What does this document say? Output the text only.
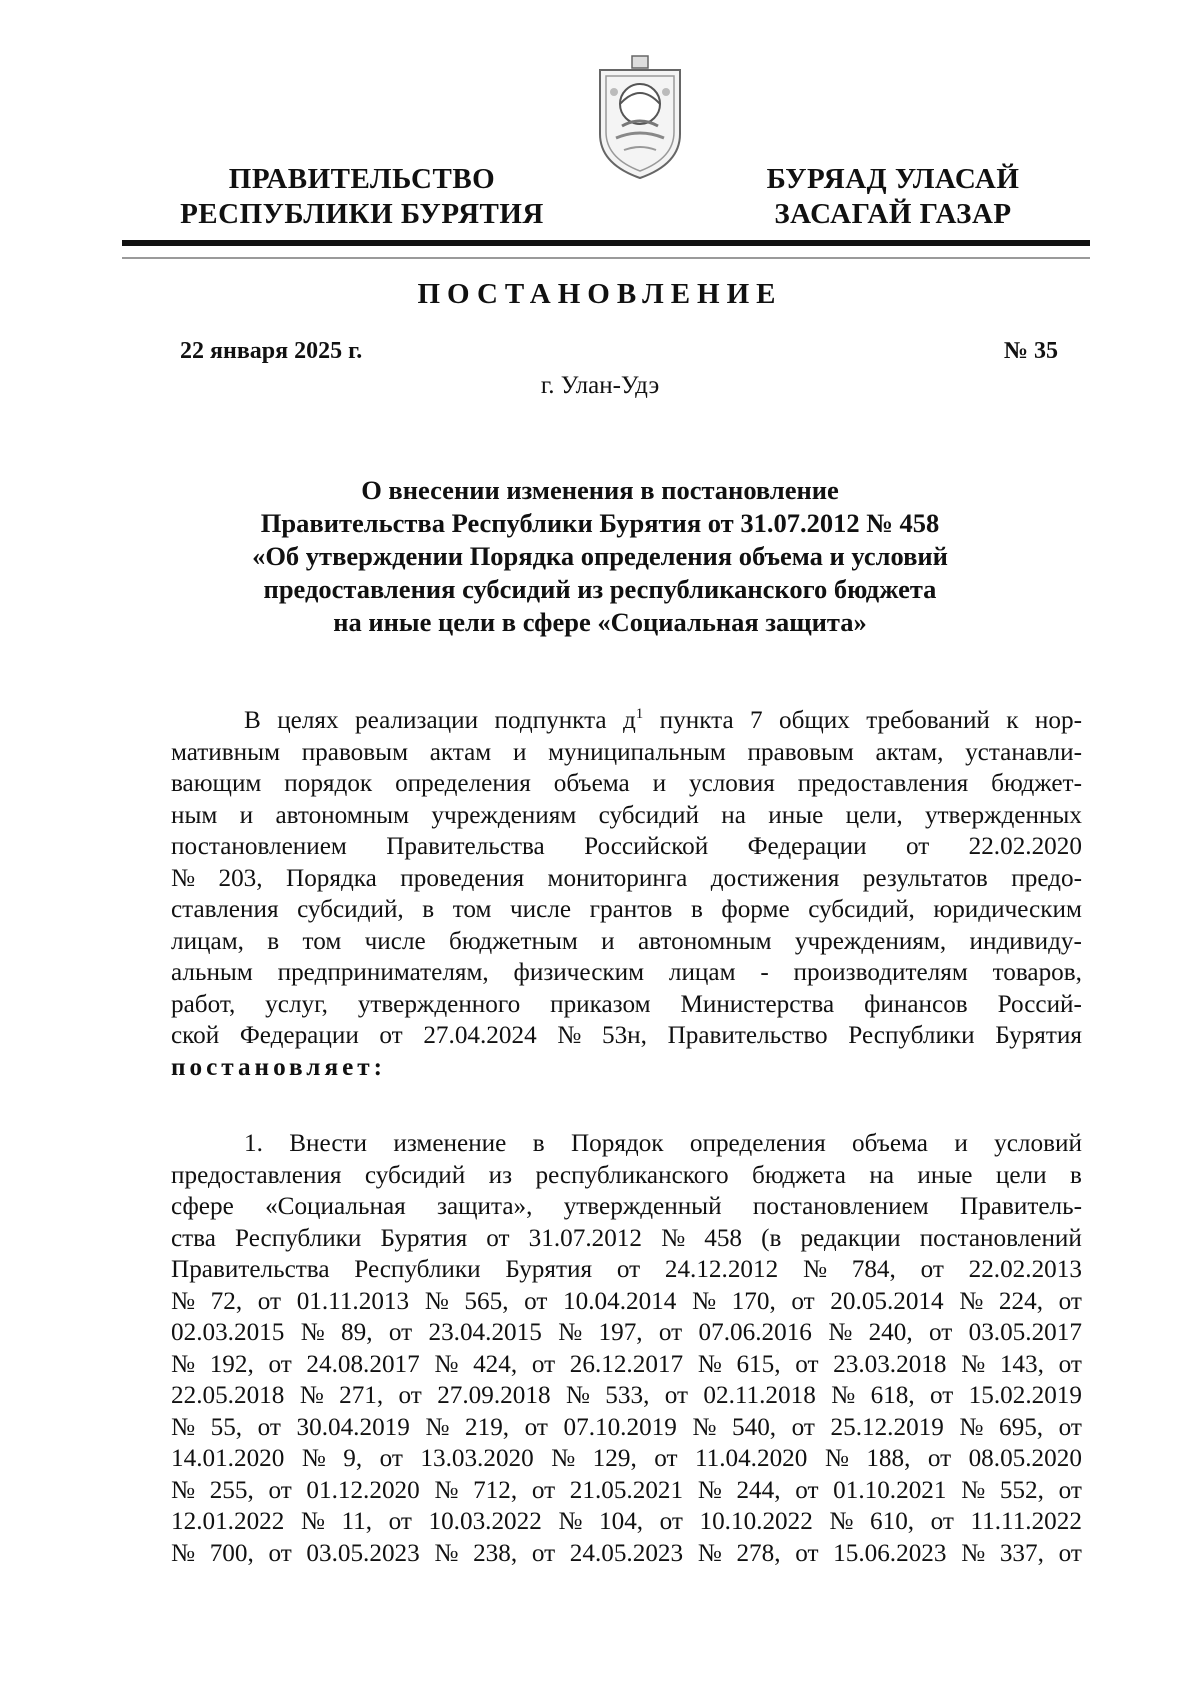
ПРАВИТЕЛЬСТВО
РЕСПУБЛИКИ БУРЯТИЯ
БУРЯАД УЛАСАЙ
ЗАСАГАЙ ГАЗАР
ПОСТАНОВЛЕНИЕ
22 января 2025 г.	№ 35
г. Улан-Удэ
О внесении изменения в постановление
Правительства Республики Бурятия от 31.07.2012 № 458
«Об утверждении Порядка определения объема и условий
предоставления субсидий из республиканского бюджета
на иные цели в сфере «Социальная защита»
В целях реализации подпункта $д^1$ пункта 7 общих требований к нор-
мативным правовым актам и муниципальным правовым актам, устанавли-
вающим порядок определения объема и условия предоставления бюджет-
ным и автономным учреждениям субсидий на иные цели, утвержденных
постановлением Правительства Российской Федерации от 22.02.2020
№ 203, Порядка проведения мониторинга достижения результатов предо-
ставления субсидий, в том числе грантов в форме субсидий, юридическим
лицам, в том числе бюджетным и автономным учреждениям, индивиду-
альным предпринимателям, физическим лицам - производителям товаров,
работ, услуг, утвержденного приказом Министерства финансов Россий-
ской Федерации от 27.04.2024 № 53н, Правительство Республики Бурятия
постановляет:
1. Внести изменение в Порядок определения объема и условий
предоставления субсидий из республиканского бюджета на иные цели в
сфере «Социальная защита», утвержденный постановлением Правитель-
ства Республики Бурятия от 31.07.2012 № 458 (в редакции постановлений
Правительства Республики Бурятия от 24.12.2012 № 784, от 22.02.2013
№ 72, от 01.11.2013 № 565, от 10.04.2014 № 170, от 20.05.2014 № 224, от
02.03.2015 № 89, от 23.04.2015 № 197, от 07.06.2016 № 240, от 03.05.2017
№ 192, от 24.08.2017 № 424, от 26.12.2017 № 615, от 23.03.2018 № 143, от
22.05.2018 № 271, от 27.09.2018 № 533, от 02.11.2018 № 618, от 15.02.2019
№ 55, от 30.04.2019 № 219, от 07.10.2019 № 540, от 25.12.2019 № 695, от
14.01.2020 № 9, от 13.03.2020 № 129, от 11.04.2020 № 188, от 08.05.2020
№ 255, от 01.12.2020 № 712, от 21.05.2021 № 244, от 01.10.2021 № 552, от
12.01.2022 № 11, от 10.03.2022 № 104, от 10.10.2022 № 610, от 11.11.2022
№ 700, от 03.05.2023 № 238, от 24.05.2023 № 278, от 15.06.2023 № 337, от
